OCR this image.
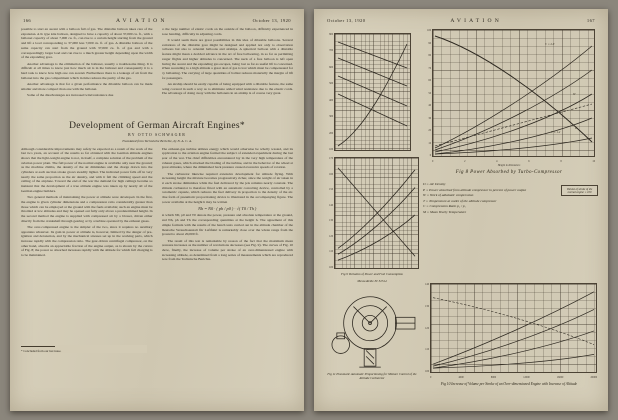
166	AVIATION	October 13, 1920

possible to start an ascent with a balloon full of gas. The dilatable balloon takes care of the expansion. A K type kite balloon, designed to have a capacity of about 37,000 cu. ft., with a ballonet capacity of about 7,000 cu. ft., can rise to a certain height starting from the ground and lift a load corresponding to 37,000 less 7,000 cu. ft. of gas. A dilatable balloon of the same capacity can start from the ground with 37,000 cu. ft. of gas and with a correspondingly larger load and can rise to a much greater height depending upon the width of the expanding gore.

Another advantage is the elimination of the ballonet, usually a troublesome thing. It is difficult at all times to know just how much air is in the ballonet and consequently it is a hard task to know how high one can ascend. Furthermore there is a leakage of air from the ballonet into the gas compartment which in time reduces the purity of the gas.

Another advantage is that for a given performance the dilatable balloon can be made smaller and more compact than one with the ballonet.

Some of the disadvantages are increased wind resistance due

to the large number of elastic cords on the outside of the balloon, difficulty experienced in nose bending, difficulty in adjusting cords.

It would seem there are great possibilities in this idea of dilatable balloons. Several variations of the dilatable gore might be designed and applied not only to observation balloons but also to celestial balloons and airships. A spherical balloon with a dilatable feature might mean a decided advance in the art of free ballooning, in so far as permitting longer flights and higher altitudes is concerned. The neck of a free balloon is left open during the ascent and the expanding gas escapes, being lost as far as useful lift is concerned. When ascending to a high altitude a great deal of gas is lost which must be compensated for by ballasting. The carrying of large quantities of ballast reduces materially the margin of lift for passengers.

An airship should be easily capable of being equipped with a dilatable feature, the same being covered in such a way as to eliminate added wind resistance due to the elastic cords. The advantage of doing away with the ballonets in an airship is of course very great.

Development of German Aircraft Engines*
BY OTTO SCHWAGER
Translated from Technische Berichte, by N. A. C. A.

Although considerable improvements may safely be expected as a result of the work of the last two years, an account of the results so far obtained with the German altitude engines shows that the light-weight engine is not, in itself, a complete solution of the problem of the aviation power plant. The full power of the normal engine is available only near the ground; as the machine climbs, the density of the air diminishes and the charge drawn into the cylinders at each suction stroke grows steadily lighter. The indicated power falls off in very nearly the same proportion as the air density, and with it fall the climbing speed and the ceiling of the airplane. Toward the end of the war the demand for high ceilings became so insistent that the development of a true altitude engine was taken up by nearly all of the German engine builders.

Two general methods of maintaining the power at altitude were developed. In the first, the engine is given cylinder dimensions and a compression ratio considerably greater than those which can be employed at the ground with the fuels available; such an engine must be throttled at low altitudes and may be opened out fully only above a predetermined height. In the second method the engine is supplied with compressed air by a blower, driven either directly from the crankshaft through gearing or by a turbine operated by the exhaust gases.

The over-compressed engine is the simpler of the two, since it requires no auxiliary apparatus whatever. Its gain in power at altitude is, however, limited by the danger of pre-ignition and detonation, and by the mechanical stresses set up in the working parts, which increase rapidly with the compression ratio. The gear-driven centrifugal compressor, on the other hand, absorbs an appreciable fraction of the engine output, as is shown by the curves of Fig. 8; the power so absorbed increases rapidly with the altitude for which full charging is to be maintained.

The exhaust-gas turbine utilizes energy which would otherwise be wholly wasted, and its application to the aviation engine formed the subject of extended experiment during the last year of the war. The chief difficulties encountered lay in the very high temperature of the exhaust gases, which attacked the blading of the turbine, and in the behavior of the wheel at great altitudes, where the diminished back pressure caused excessive speeds of rotation.

The carburetor likewise required extensive development for altitude flying. With increasing height the mixture becomes progressively richer, since the weight of air taken in at each stroke diminishes while the fuel delivered by the jets remains nearly constant. The altitude carburetor is therefore fitted with an automatic correcting device, controlled by a barometric capsule, which reduces the fuel delivery in proportion to the density of the air. One form of pneumatic proportioning device is illustrated in the accompanying figure. The power available at the height h may be written

Nh = N0 · ( ph / p0 ) · √( T0 / Th )

in which N0, p0 and T0 denote the power, pressure and absolute temperature at the ground, and Nh, ph and Th the corresponding quantities at the height h. The agreement of this simple formula with the results of the bench tests carried out in the altitude chamber of the Deutsche Versuchsanstalt für Luftfahrt is remarkably close over the whole range from the ground to about 20,000 ft.

The result of this test is remarkable by reason of the fact that the maximum mean pressure increases as the number of revolutions decreases (see Fig. 9). The curves of Fig. 10 show, finally, the increase of volume per stroke of an over-dimensioned engine with increasing altitude, as determined from a long series of measurements which are reproduced here from the Technische Berichte.

* Concluded from our last issue.

October 13, 1920	AVIATION	167
800
700
600
500
400
300
200
100
170
160
150
140
130
120
110
100
Fig 9 Variation of Power and Fuel Consumption
Messe-Reihe Nr 32514
Fig 11 Pneumatic Automatic Proportioning for Mixture Control of the Altitude Carburetor
100
90
80
70
60
50
40
30
20
10
0
C = 2.0
C = 1.2
D
W
0	2	4	6	8	10
Height in Kilometers
Fig 8 Power Absorbed by Turbo-Compressor
D = Air Density
P = Power absorbed from altitude compressor in percent of power output
W = Work of adiabatic compression
T = Temperature at outlet of the altitude compressor
C = Compression Ratio p₂ / p₁
M = Mean Yearly Temperature
Volume of stroke of the normal engine = 100
140
130
120
110
100
0	4000	8000	12000	16000	20000
Fig 10 Increase of Volume per Stroke of an Over-dimensioned Engine with Increase of Altitude
